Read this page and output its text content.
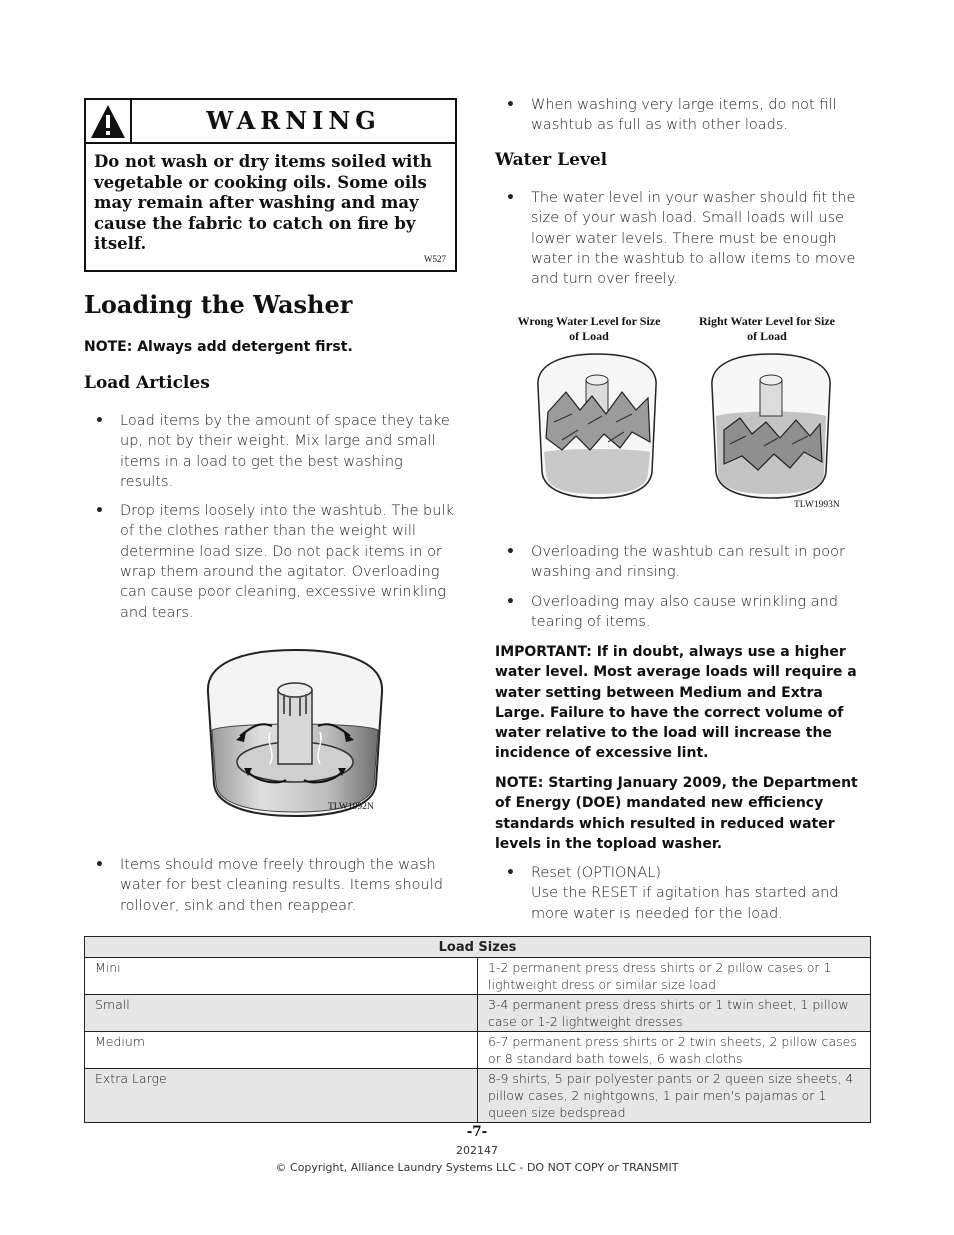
WARNING
Do not wash or dry items soiled with vegetable or cooking oils. Some oils may remain after washing and may cause the fabric to catch on fire by itself.
W527
Loading the Washer
NOTE: Always add detergent first.
Load Articles
• Load items by the amount of space they take up, not by their weight. Mix large and small items in a load to get the best washing results.
• Drop items loosely into the washtub. The bulk of the clothes rather than the weight will determine load size. Do not pack items in or wrap them around the agitator. Overloading can cause poor cleaning, excessive wrinkling and tears.
TLW1992N
• Items should move freely through the wash water for best cleaning results. Items should rollover, sink and then reappear.
• When washing very large items, do not fill washtub as full as with other loads.
Water Level
• The water level in your washer should fit the size of your wash load. Small loads will use lower water levels. There must be enough water in the washtub to allow items to move and turn over freely.
Wrong Water Level for Size of Load
Right Water Level for Size of Load
TLW1993N
• Overloading the washtub can result in poor washing and rinsing.
• Overloading may also cause wrinkling and tearing of items.
IMPORTANT: If in doubt, always use a higher water level. Most average loads will require a water setting between Medium and Extra Large. Failure to have the correct volume of water relative to the load will increase the incidence of excessive lint.
NOTE: Starting January 2009, the Department of Energy (DOE) mandated new efficiency standards which resulted in reduced water levels in the topload washer.
• Reset (OPTIONAL)
Use the RESET if agitation has started and more water is needed for the load.
Load Sizes	
Mini	1-2 permanent press dress shirts or 2 pillow cases or 1 lightweight dress or similar size load
Small	3-4 permanent press dress shirts or 1 twin sheet, 1 pillow case or 1-2 lightweight dresses
Medium	6-7 permanent press shirts or 2 twin sheets, 2 pillow cases or 8 standard bath towels, 6 wash cloths
Extra Large	8-9 shirts, 5 pair polyester pants or 2 queen size sheets, 4 pillow cases, 2 nightgowns, 1 pair men's pajamas or 1 queen size bedspread
-7-
202147
© Copyright, Alliance Laundry Systems LLC - DO NOT COPY or TRANSMIT
